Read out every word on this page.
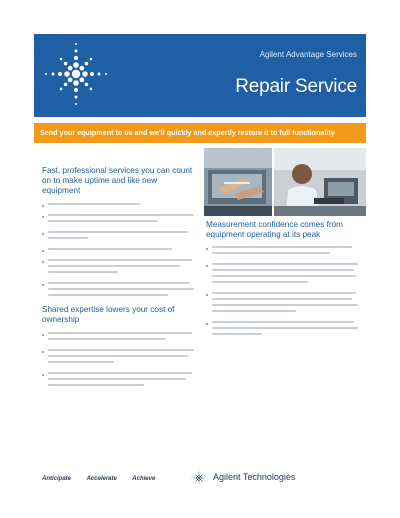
Agilent Advantage Services
Repair Service
Send your equipment to us and we'll quickly and expertly restore it to full functionality
Fast, professional services you can count on to make uptime and like new equipment
Shared expertise lowers your cost of ownership
Measurement confidence comes from equipment operating at its peak
Anticipate	Accelerate	Achieve	Agilent Technologies
